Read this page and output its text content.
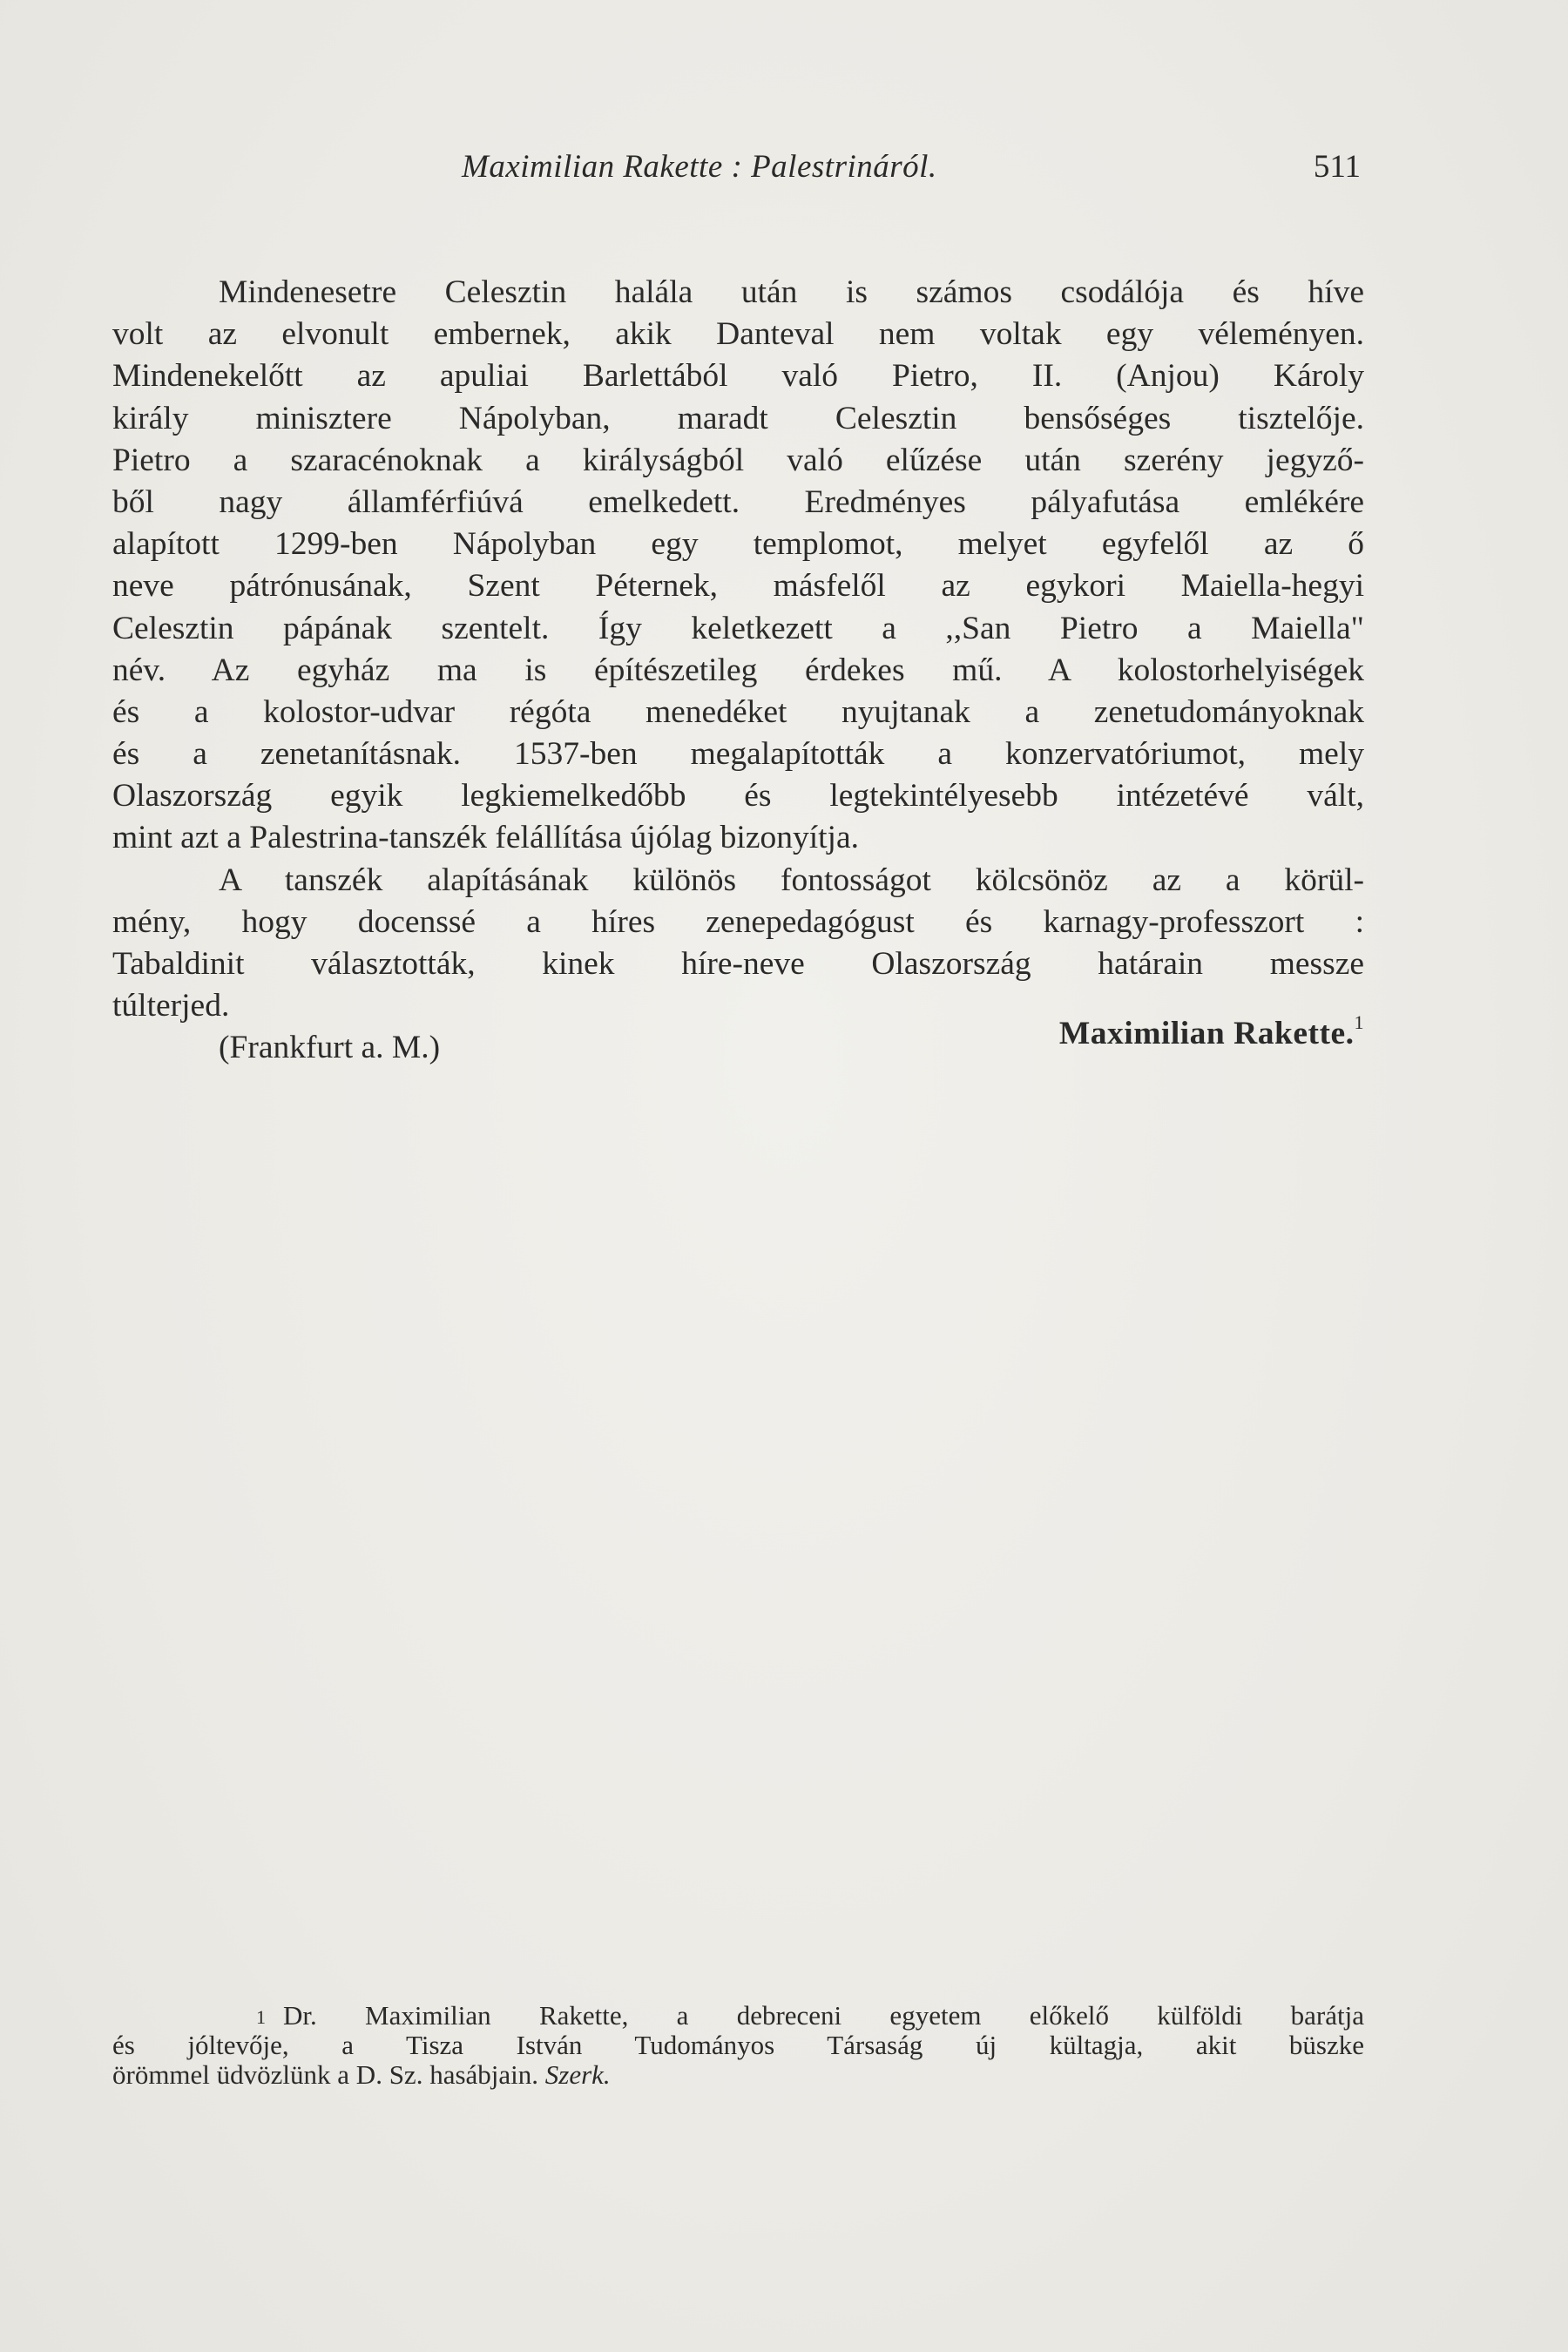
Maximilian Rakette : Palestrináról.	511
Mindenesetre Celesztin halála után is számos csodálója és híve
volt az elvonult embernek, akik Danteval nem voltak egy véleményen.
Mindenekelőtt az apuliai Barlettából való Pietro, II. (Anjou) Károly
király minisztere Nápolyban, maradt Celesztin bensőséges tisztelője.
Pietro a szaracénoknak a királyságból való elűzése után szerény jegyző-
ből nagy államférfiúvá emelkedett. Eredményes pályafutása emlékére
alapított 1299-ben Nápolyban egy templomot, melyet egyfelől az ő
neve pátrónusának, Szent Péternek, másfelől az egykori Maiella-hegyi
Celesztin pápának szentelt. Így keletkezett a ,,San Pietro a Maiella"
név. Az egyház ma is építészetileg érdekes mű. A kolostorhelyiségek
és a kolostor-udvar régóta menedéket nyujtanak a zenetudományoknak
és a zenetanításnak. 1537-ben megalapították a konzervatóriumot, mely
Olaszország egyik legkiemelkedőbb és legtekintélyesebb intézetévé vált,
mint azt a Palestrina-tanszék felállítása újólag bizonyítja.
A tanszék alapításának különös fontosságot kölcsönöz az a körül-
mény, hogy docenssé a híres zenepedagógust és karnagy-professzort :
Tabaldinit választották, kinek híre-neve Olaszország határain messze
túlterjed.
(Frankfurt a. M.)	Maximilian Rakette.$^1$
$^1$ Dr. Maximilian Rakette, a debreceni egyetem előkelő külföldi barátja
és jóltevője, a Tisza István Tudományos Társaság új kültagja, akit büszke
örömmel üdvözlünk a D. Sz. hasábjain. Szerk.
